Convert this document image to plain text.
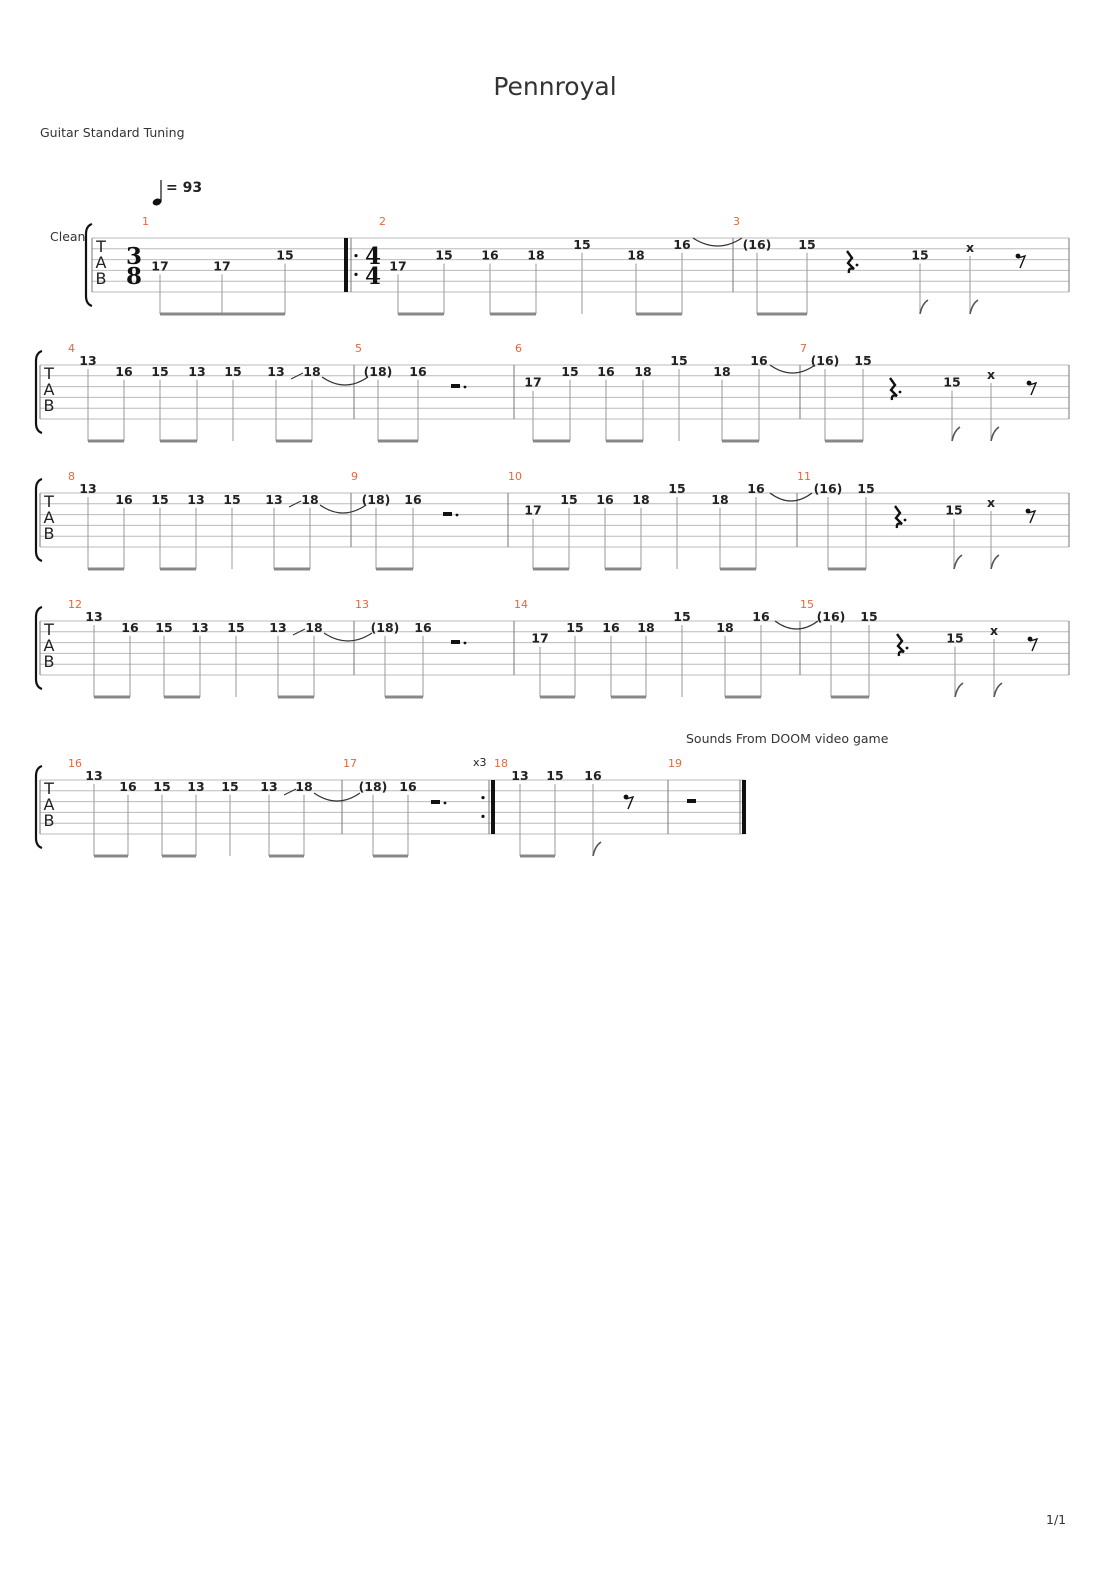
Pennroyal
Guitar Standard Tuning
= 93
Clean
Sounds From DOOM video game
1/1
T
A
B
T
A
B
T
A
B
T
A
B
T
A
B
3
8
4
4
1
17	17
15
2
17
15 16 18
15
18
16
3
(16) 15
15
x
4
13
16 15 13 15 13 18
5
(18) 16
6
17
15 16 18
15
18
16
7
(16) 15
15
x
8
13
16 15 13 15 13 18
9
(18) 16
10
17
15 16 18
15
18
16
11
(16) 15
15
x
12
13
16 15 13 15 13 18
13
(18) 16
14
17
15 16 18
15
18
16
15
(16) 15
15
x
16
13
16 15 13 15 13 18
17
(18) 16
18
13 15 16
19
x3
